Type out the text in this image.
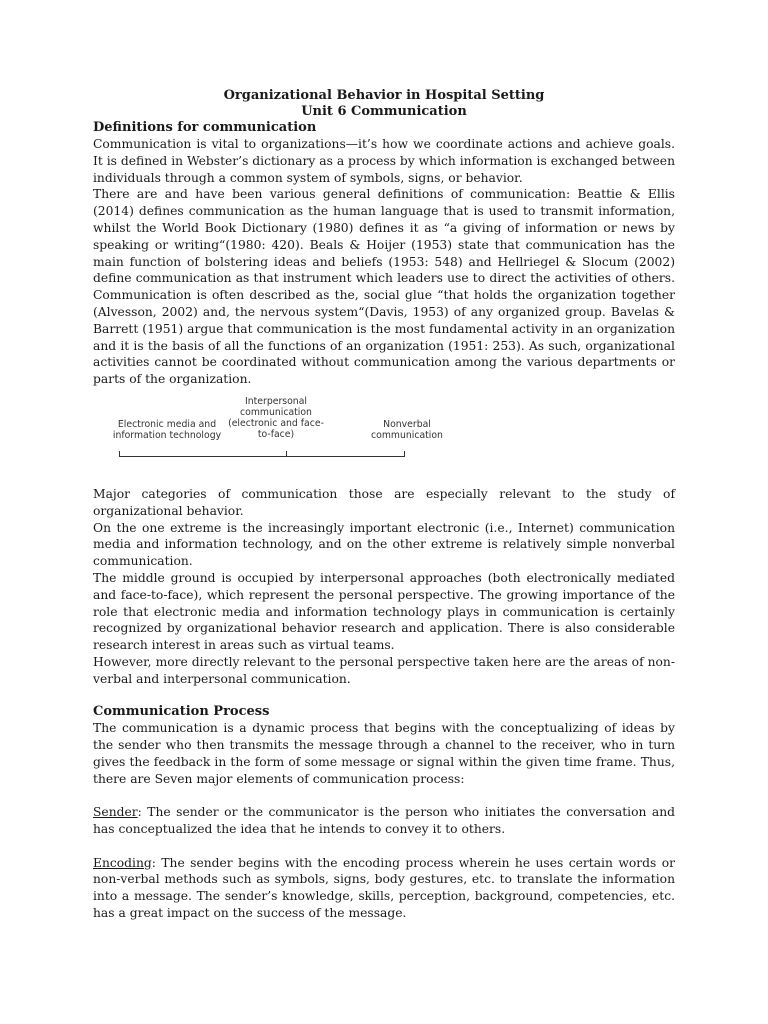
Organizational Behavior in Hospital Setting
Unit 6 Communication
Definitions for communication

Communication is vital to organizations—it’s how we coordinate actions and achieve goals. It is defined in Webster’s dictionary as a process by which information is exchanged between individuals through a common system of symbols, signs, or behavior.

There are and have been various general definitions of communication: Beattie & Ellis (2014) defines communication as the human language that is used to transmit information, whilst the World Book Dictionary (1980) defines it as “a giving of information or news by speaking or writing“(1980: 420). Beals & Hoijer (1953) state that communication has the main function of bolstering ideas and beliefs (1953: 548) and Hellriegel & Slocum (2002) define communication as that instrument which leaders use to direct the activities of others. Communication is often described as the, social glue “that holds the organization together (Alvesson, 2002) and, the nervous system“(Davis, 1953) of any organized group. Bavelas & Barrett (1951) argue that communication is the most fundamental activity in an organization and it is the basis of all the functions of an organization (1951: 253). As such, organizational activities cannot be coordinated without communication among the various departments or parts of the organization.

Electronic media and information technology
Interpersonal communication (electronic and face-to-face)
Nonverbal communication

Major categories of communication those are especially relevant to the study of organizational behavior.

On the one extreme is the increasingly important electronic (i.e., Internet) communication media and information technology, and on the other extreme is relatively simple nonverbal communication.

The middle ground is occupied by interpersonal approaches (both electronically mediated and face-to-face), which represent the personal perspective. The growing importance of the role that electronic media and information technology plays in communication is certainly recognized by organizational behavior research and application. There is also considerable research interest in areas such as virtual teams.

However, more directly relevant to the personal perspective taken here are the areas of non-verbal and interpersonal communication.

Communication Process

The communication is a dynamic process that begins with the conceptualizing of ideas by the sender who then transmits the message through a channel to the receiver, who in turn gives the feedback in the form of some message or signal within the given time frame. Thus, there are Seven major elements of communication process:

Sender: The sender or the communicator is the person who initiates the conversation and has conceptualized the idea that he intends to convey it to others.

Encoding: The sender begins with the encoding process wherein he uses certain words or non-verbal methods such as symbols, signs, body gestures, etc. to translate the information into a message. The sender’s knowledge, skills, perception, background, competencies, etc. has a great impact on the success of the message.
